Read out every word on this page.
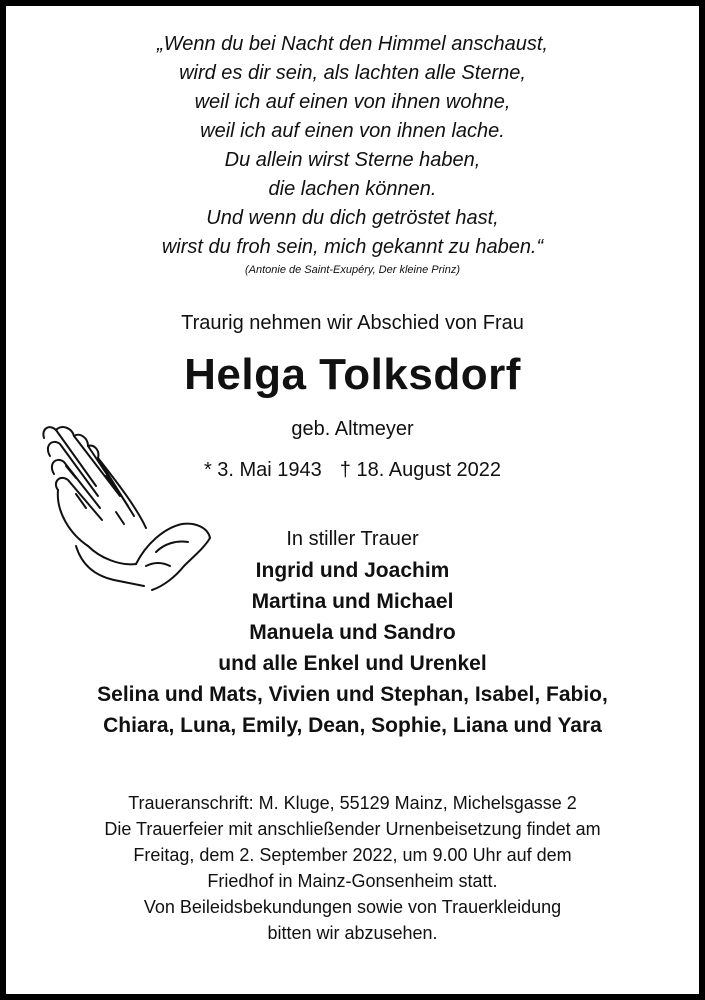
„Wenn du bei Nacht den Himmel anschaust,
wird es dir sein, als lachten alle Sterne,
weil ich auf einen von ihnen wohne,
weil ich auf einen von ihnen lache.
Du allein wirst Sterne haben,
die lachen können.
Und wenn du dich getröstet hast,
wirst du froh sein, mich gekannt zu haben.“
(Antonie de Saint-Exupéry, Der kleine Prinz)
Traurig nehmen wir Abschied von Frau
Helga Tolksdorf
geb. Altmeyer
* 3. Mai 1943 † 18. August 2022
In stiller Trauer
Ingrid und Joachim
Martina und Michael
Manuela und Sandro
und alle Enkel und Urenkel
Selina und Mats, Vivien und Stephan, Isabel, Fabio,
Chiara, Luna, Emily, Dean, Sophie, Liana und Yara
Traueranschrift: M. Kluge, 55129 Mainz, Michelsgasse 2
Die Trauerfeier mit anschließender Urnenbeisetzung findet am
Freitag, dem 2. September 2022, um 9.00 Uhr auf dem
Friedhof in Mainz-Gonsenheim statt.
Von Beileidsbekundungen sowie von Trauerkleidung
bitten wir abzusehen.
